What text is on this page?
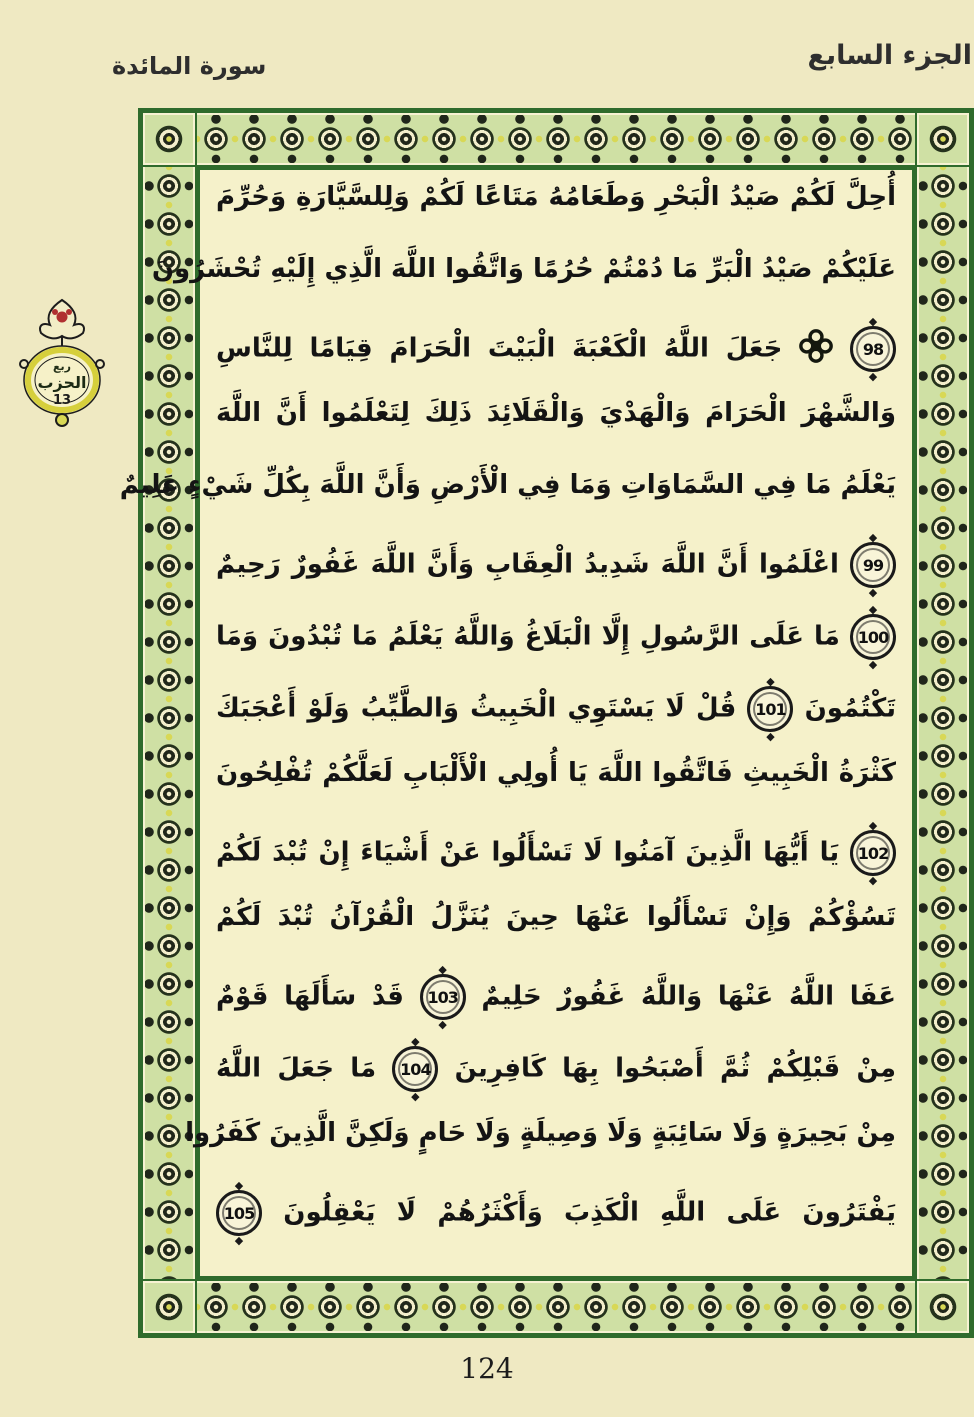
الجزء السابع
سورة المائدة
ربع
الحزب
13
أُحِلَّ لَكُمْ صَيْدُ الْبَحْرِ وَطَعَامُهُ مَتَاعًا لَكُمْ وَلِلسَّيَّارَةِ وَحُرِّمَ
عَلَيْكُمْ صَيْدُ الْبَرِّ مَا دُمْتُمْ حُرُمًا وَاتَّقُوا اللَّهَ الَّذِي إِلَيْهِ تُحْشَرُونَ
◆ 98
◆  جَعَلَ اللَّهُ الْكَعْبَةَ الْبَيْتَ الْحَرَامَ قِيَامًا لِلنَّاسِ
وَالشَّهْرَ الْحَرَامَ وَالْهَدْيَ وَالْقَلَائِدَ ذَلِكَ لِتَعْلَمُوا أَنَّ اللَّهَ
يَعْلَمُ مَا فِي السَّمَاوَاتِ وَمَا فِي الْأَرْضِ وَأَنَّ اللَّهَ بِكُلِّ شَيْءٍ عَلِيمٌ
◆ 99
◆ اعْلَمُوا أَنَّ اللَّهَ شَدِيدُ الْعِقَابِ وَأَنَّ اللَّهَ غَفُورٌ رَحِيمٌ
◆ 100
◆ مَا عَلَى الرَّسُولِ إِلَّا الْبَلَاغُ وَاللَّهُ يَعْلَمُ مَا تُبْدُونَ وَمَا
تَكْتُمُونَ
◆ 101
◆ قُلْ لَا يَسْتَوِي الْخَبِيثُ وَالطَّيِّبُ وَلَوْ أَعْجَبَكَ
كَثْرَةُ الْخَبِيثِ فَاتَّقُوا اللَّهَ يَا أُولِي الْأَلْبَابِ لَعَلَّكُمْ تُفْلِحُونَ
◆ 102
◆ يَا أَيُّهَا الَّذِينَ آمَنُوا لَا تَسْأَلُوا عَنْ أَشْيَاءَ إِنْ تُبْدَ لَكُمْ
تَسُؤْكُمْ وَإِنْ تَسْأَلُوا عَنْهَا حِينَ يُنَزَّلُ الْقُرْآنُ تُبْدَ لَكُمْ
عَفَا اللَّهُ عَنْهَا وَاللَّهُ غَفُورٌ حَلِيمٌ
◆ 103
◆ قَدْ سَأَلَهَا قَوْمٌ
مِنْ قَبْلِكُمْ ثُمَّ أَصْبَحُوا بِهَا كَافِرِينَ
◆ 104
◆ مَا جَعَلَ اللَّهُ
مِنْ بَحِيرَةٍ وَلَا سَائِبَةٍ وَلَا وَصِيلَةٍ وَلَا حَامٍ وَلَكِنَّ الَّذِينَ كَفَرُوا
يَفْتَرُونَ عَلَى اللَّهِ الْكَذِبَ وَأَكْثَرُهُمْ لَا يَعْقِلُونَ
◆ 105
◆
124
